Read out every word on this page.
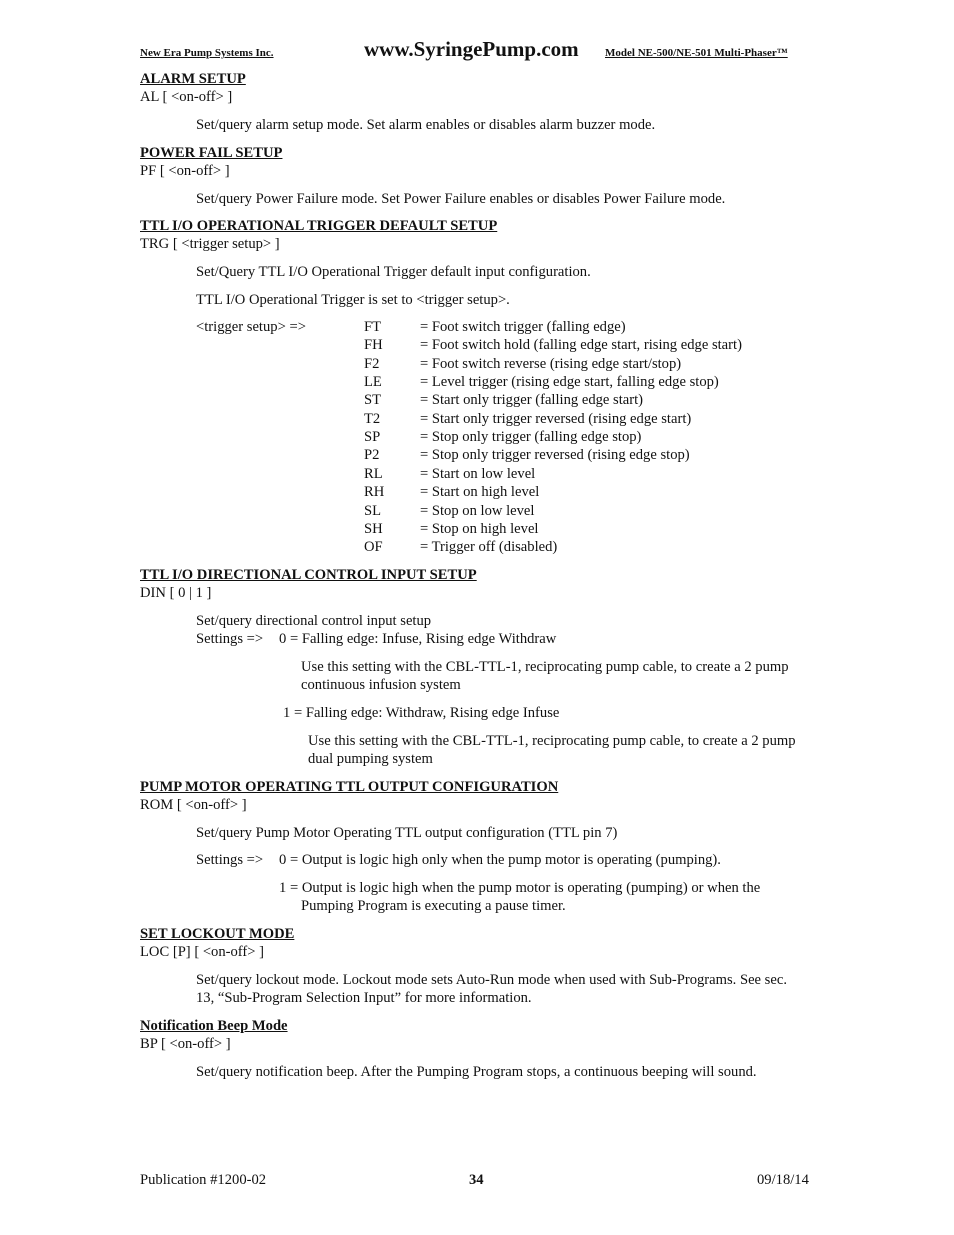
New Era Pump Systems Inc.	www.SyringePump.com Model NE-500/NE-501 Multi-Phaser™
ALARM SETUP
AL [ <on-off> ]
Set/query alarm setup mode. Set alarm enables or disables alarm buzzer mode.
POWER FAIL SETUP
PF [ <on-off> ]
Set/query Power Failure mode. Set Power Failure enables or disables Power Failure mode.
TTL I/O OPERATIONAL TRIGGER DEFAULT SETUP
TRG [ <trigger setup> ]
Set/Query TTL I/O Operational Trigger default input configuration.
TTL I/O Operational Trigger is set to <trigger setup>.
<trigger setup> =>	FT	= Foot switch trigger (falling edge)
FH	= Foot switch hold (falling edge start, rising edge start)
F2	= Foot switch reverse (rising edge start/stop)
LE	= Level trigger (rising edge start, falling edge stop)
ST	= Start only trigger (falling edge start)
T2	= Start only trigger reversed (rising edge start)
SP	= Stop only trigger (falling edge stop)
P2	= Stop only trigger reversed (rising edge stop)
RL	= Start on low level
RH = Start on high level
SL	= Stop on low level
SH	= Stop on high level
OF	= Trigger off (disabled)
TTL I/O DIRECTIONAL CONTROL INPUT SETUP
DIN [ 0 | 1 ]
Set/query directional control input setup
Settings => 0 = Falling edge: Infuse, Rising edge Withdraw
Use this setting with the CBL-TTL-1, reciprocating pump cable, to create a 2 pump
continuous infusion system
1 = Falling edge: Withdraw, Rising edge Infuse
Use this setting with the CBL-TTL-1, reciprocating pump cable, to create a 2 pump
dual pumping system
PUMP MOTOR OPERATING TTL OUTPUT CONFIGURATION
ROM [ <on-off> ]
Set/query Pump Motor Operating TTL output configuration (TTL pin 7)
Settings => 0 = Output is logic high only when the pump motor is operating (pumping).
1 = Output is logic high when the pump motor is operating (pumping) or when the
Pumping Program is executing a pause timer.
SET LOCKOUT MODE
LOC [P] [ <on-off> ]
Set/query lockout mode. Lockout mode sets Auto-Run mode when used with Sub-Programs. See sec.
13, “Sub-Program Selection Input” for more information.
Notification Beep Mode
BP [ <on-off> ]
Set/query notification beep. After the Pumping Program stops, a continuous beeping will sound.
Publication #1200-02	34	09/18/14
